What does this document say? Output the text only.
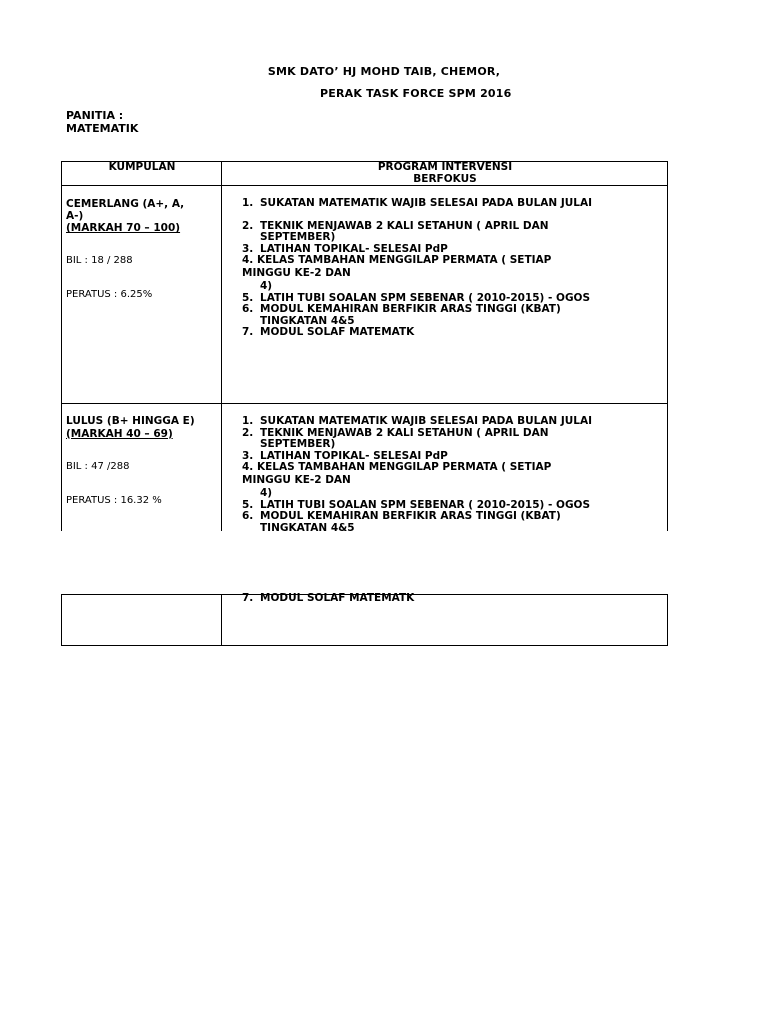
SMK DATO’ HJ MOHD TAIB, CHEMOR,
PERAK TASK FORCE SPM 2016
PANITIA :
MATEMATIK
KUMPULAN	PROGRAM INTERVENSI
BERFOKUS
CEMERLANG (A+, A,
A-)
(MARKAH 70 – 100)
BIL : 18 / 288
PERATUS : 6.25%
1. SUKATAN MATEMATIK WAJIB SELESAI PADA BULAN JULAI
2. TEKNIK MENJAWAB 2 KALI SETAHUN ( APRIL DAN
SEPTEMBER)
3. LATIHAN TOPIKAL- SELESAI PdP
4. KELAS TAMBAHAN MENGGILAP PERMATA ( SETIAP
MINGGU KE-2 DAN
4)
5. LATIH TUBI SOALAN SPM SEBENAR ( 2010-2015) - OGOS
6. MODUL KEMAHIRAN BERFIKIR ARAS TINGGI (KBAT)
TINGKATAN 4&5
7. MODUL SOLAF MATEMATK
LULUS (B+ HINGGA E)
(MARKAH 40 – 69)
BIL : 47 /288
PERATUS : 16.32 %
1. SUKATAN MATEMATIK WAJIB SELESAI PADA BULAN JULAI
2. TEKNIK MENJAWAB 2 KALI SETAHUN ( APRIL DAN
SEPTEMBER)
3. LATIHAN TOPIKAL- SELESAI PdP
4. KELAS TAMBAHAN MENGGILAP PERMATA ( SETIAP
MINGGU KE-2 DAN
4)
5. LATIH TUBI SOALAN SPM SEBENAR ( 2010-2015) - OGOS
6. MODUL KEMAHIRAN BERFIKIR ARAS TINGGI (KBAT)
TINGKATAN 4&5
7. MODUL SOLAF MATEMATK
